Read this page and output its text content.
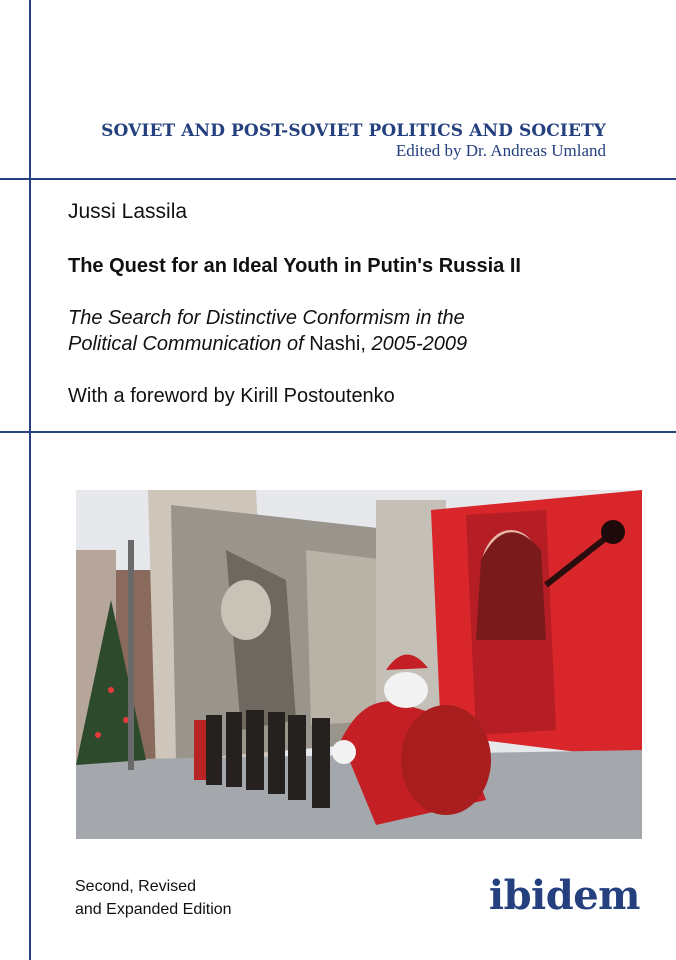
SOVIET AND POST-SOVIET POLITICS AND SOCIETY
Edited by Dr. Andreas Umland
Jussi Lassila
The Quest for an Ideal Youth in Putin's Russia II
The Search for Distinctive Conformism in the
Political Communication of Nashi, 2005-2009
With a foreword by Kirill Postoutenko
Second, Revised
and Expanded Edition	ibidem
